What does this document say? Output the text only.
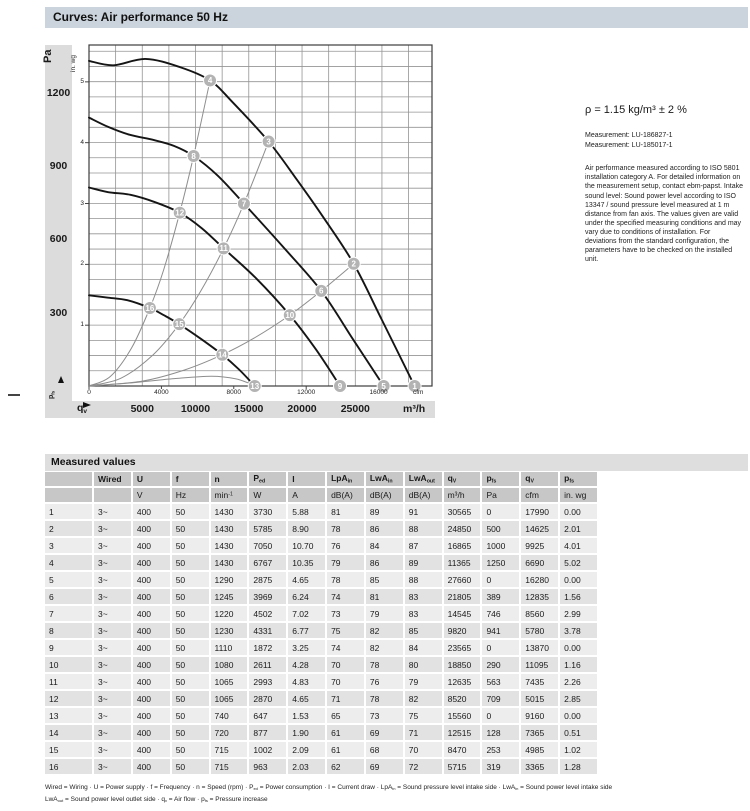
Curves: Air performance 50 Hz
1
2
3
4
5
6
7
8
9
10
11
12
13
14
15
16
Pa in. wg
cfm
m³/h
$q_v$
$p_{fs}$
300
600
900
1200
1
2
3
4
5
0	4000	8000	12000	16000
5000	10000	15000	20000	25000
ρ = 1.15 kg/m³ ± 2 %
Measurement: LU-186827-1
Measurement: LU-185017-1
Air performance measured according to ISO 5801 installation category A. For detailed information on the measurement setup, contact ebm-papst. Intake sound level: Sound power level according to ISO 13347 / sound pressure level measured at 1 m distance from fan axis. The values given are valid under the specified measuring conditions and may vary due to conditions of installation. For deviations from the standard configuration, the parameters have to be checked on the installed unit.
Measured values
	Wired	U	f	n	$P_{ed}$	I	LpA$_{in}$	LwA$_{in}$	LwA$_{out}$	$q_V$	$p_{fs}$	$q_V$	$p_{fs}$
		V	Hz	$\min^{-1}$	W	A	dB(A)	dB(A)	dB(A)	m³/h	Pa	cfm	in. wg
1	3~	400	50	1430	3730	5.88	81	89	91	30565	0	17990	0.00
2	3~	400	50	1430	5785	8.90	78	86	88	24850	500	14625	2.01
3	3~	400	50	1430	7050	10.70	76	84	87	16865	1000	9925	4.01
4	3~	400	50	1430	6767	10.35	79	86	89	11365	1250	6690	5.02
5	3~	400	50	1290	2875	4.65	78	85	88	27660	0	16280	0.00
6	3~	400	50	1245	3969	6.24	74	81	83	21805	389	12835	1.56
7	3~	400	50	1220	4502	7.02	73	79	83	14545	746	8560	2.99
8	3~	400	50	1230	4331	6.77	75	82	85	9820	941	5780	3.78
9	3~	400	50	1110	1872	3.25	74	82	84	23565	0	13870	0.00
10	3~	400	50	1080	2611	4.28	70	78	80	18850	290	11095	1.16
11	3~	400	50	1065	2993	4.83	70	76	79	12635	563	7435	2.26
12	3~	400	50	1065	2870	4.65	71	78	82	8520	709	5015	2.85
13	3~	400	50	740	647	1.53	65	73	75	15560	0	9160	0.00
14	3~	400	50	720	877	1.90	61	69	71	12515	128	7365	0.51
15	3~	400	50	715	1002	2.09	61	68	70	8470	253	4985	1.02
16	3~	400	50	715	963	2.03	62	69	72	5715	319	3365	1.28
Wired = Wiring · U = Power supply · f = Frequency · n = Speed $(rpm) \cdot P_{ed}$ = Power consumption · I = Current draw · LpA$_{in}$ = Sound pressure level intake side · LwA$_{in}$ = Sound power level intake side
LwA$_{out}$ = Sound power level outlet side · $q_v$ = Air flow · $p_{fs}$ = Pressure increase
